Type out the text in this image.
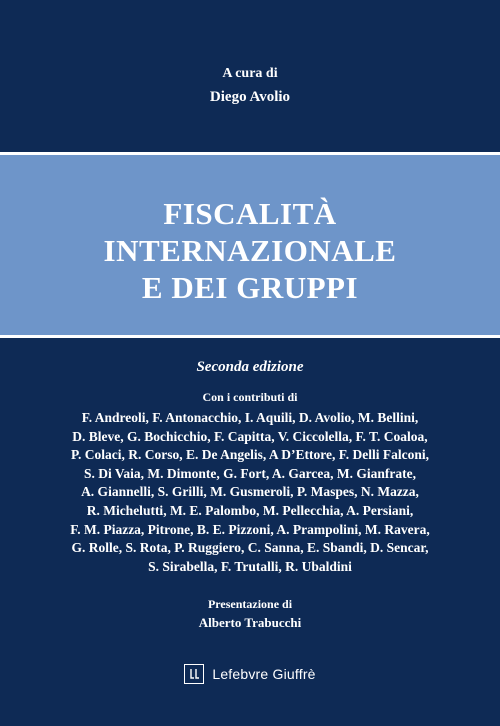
A cura di
Diego Avolio
FISCALITÀ
INTERNAZIONALE
E DEI GRUPPI
Seconda edizione
Con i contributi di
F. Andreoli, F. Antonacchio, I. Aquili, D. Avolio, M. Bellini,
D. Bleve, G. Bochicchio, F. Capitta, V. Ciccolella, F. T. Coaloa,
P. Colaci, R. Corso, E. De Angelis, A D’Ettore, F. Delli Falconi,
S. Di Vaia, M. Dimonte, G. Fort, A. Garcea, M. Gianfrate,
A. Giannelli, S. Grilli, M. Gusmeroli, P. Maspes, N. Mazza,
R. Michelutti, M. E. Palombo, M. Pellecchia, A. Persiani,
F. M. Piazza, Pitrone, B. E. Pizzoni, A. Prampolini, M. Ravera,
G. Rolle, S. Rota, P. Ruggiero, C. Sanna, E. Sbandi, D. Sencar,
S. Sirabella, F. Trutalli, R. Ubaldini
Presentazione di
Alberto Trabucchi
Lefebvre Giuffrè
